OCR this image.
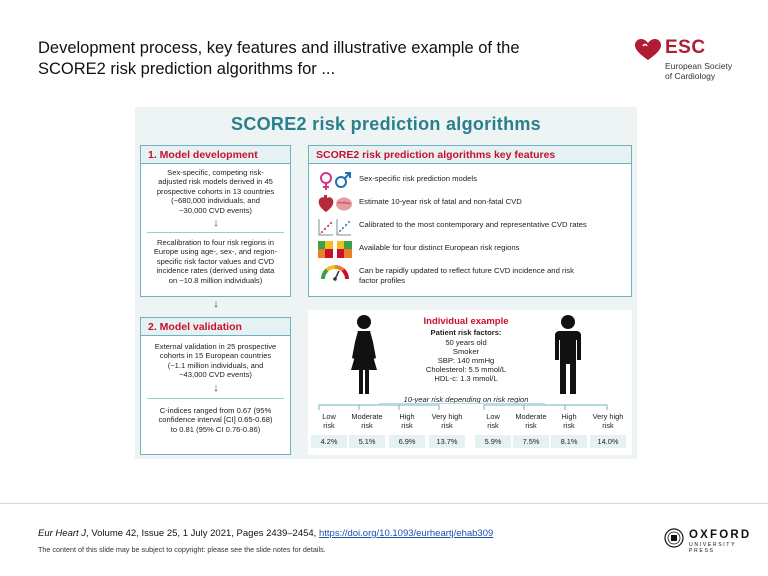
Development process, key features and illustrative example of the
SCORE2 risk prediction algorithms for ...
ESC
European Society
of Cardiology
SCORE2 risk prediction algorithms
1. Model development
Sex-specific, competing risk-
adjusted risk models derived in 45
prospective cohorts in 13 countries
(~680,000 individuals, and
~30,000 CVD events)
↓
Recalibration to four risk regions in
Europe using age-, sex-, and region-
specific risk factor values and CVD
incidence rates (derived using data
on ~10.8 million individuals)
↓
2. Model validation
External validation in 25 prospective
cohorts in 15 European countries
(~1.1 million individuals, and
~43,000 CVD events)
↓
C-indices ranged from 0.67 (95%
confidence interval [CI] 0.65-0.68)
to 0.81 (95% CI 0.76-0.86)
SCORE2 risk prediction algorithms key features
Sex-specific risk prediction models
Estimate 10-year risk of fatal and non-fatal CVD
Calibrated to the most contemporary and representative CVD rates
Available for four distinct European risk regions
Can be rapidly updated to reflect future CVD incidence and risk
factor profiles
Individual example
Patient risk factors:
50 years old
Smoker
SBP: 140 mmHg
Cholesterol: 5.5 mmol/L
HDL-c: 1.3 mmol/L
10-year risk depending on risk region
Low
risk
Moderate
risk
High
risk
Very high
risk
4.2%	5.1%	6.9%	13.7%
Low
risk
Moderate
risk
High
risk
Very high
risk
5.9%	7.5%	8.1%	14.0%
Eur Heart J, Volume 42, Issue 25, 1 July 2021, Pages 2439–2454, https://doi.org/10.1093/eurheartj/ehab309
The content of this slide may be subject to copyright: please see the slide notes for details.
OXFORD
UNIVERSITY PRESS
